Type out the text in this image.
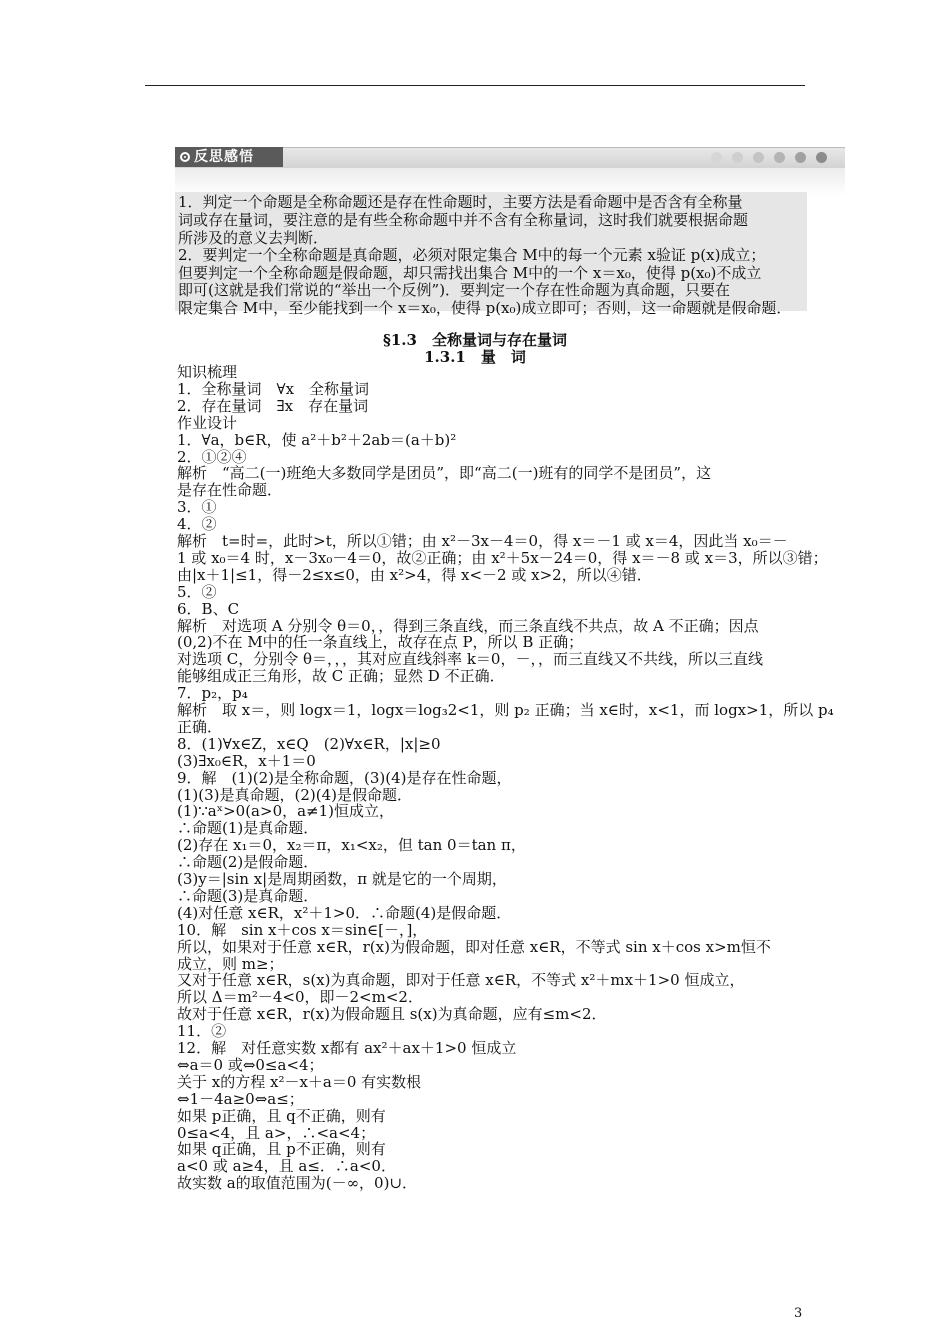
反思感悟
1．判定一个命题是全称命题还是存在性命题时，主要方法是看命题中是否含有全称量
词或存在量词，要注意的是有些全称命题中并不含有全称量词，这时我们就要根据命题
所涉及的意义去判断．
2．要判定一个全称命题是真命题，必须对限定集合 M中的每一个元素 x验证 p(x)成立；
但要判定一个全称命题是假命题，却只需找出集合 M中的一个 x＝x₀，使得 p(x₀)不成立
即可(这就是我们常说的“举出一个反例”)．要判定一个存在性命题为真命题，只要在
限定集合 M中，至少能找到一个 x＝x₀，使得 p(x₀)成立即可；否则，这一命题就是假命题．
§1.3　全称量词与存在量词
1.3.1　量　词
知识梳理
1．全称量词　∀x　全称量词
2．存在量词　∃x　存在量词
作业设计
1．∀a，b∈R，使 a²＋b²＋2ab＝(a＋b)²
2．①②④
解析　“高二(一)班绝大多数同学是团员”，即“高二(一)班有的同学不是团员”，这
是存在性命题．
3．①
4．②
解析　t=时=，此时>t，所以①错；由 x²－3x－4＝0，得 x＝－1 或 x＝4，因此当 x₀＝－
1 或 x₀＝4 时，x－3x₀－4＝0，故②正确；由 x²＋5x－24＝0，得 x＝－8 或 x＝3，所以③错；
由|x＋1|≤1，得－2≤x≤0，由 x²>4，得 x<－2 或 x>2，所以④错．
5．②
6．B、C
解析　对选项 A 分别令 θ＝0，，得到三条直线，而三条直线不共点，故 A 不正确；因点
(0,2)不在 M中的任一条直线上，故存在点 P，所以 B 正确；
对选项 C，分别令 θ＝，，，其对应直线斜率 k＝0，－，，而三直线又不共线，所以三直线
能够组成正三角形，故 C 正确；显然 D 不正确．
7．p₂，p₄
解析　取 x＝，则 logx＝1，logx＝log₃2<1，则 p₂ 正确；当 x∈时，x<1，而 logx>1，所以 p₄
正确．
8．(1)∀x∈Z，x∈Q　(2)∀x∈R，|x|≥0
(3)∃x₀∈R，x＋1＝0
9．解　(1)(2)是全称命题，(3)(4)是存在性命题，
(1)(3)是真命题，(2)(4)是假命题．
(1)∵aˣ>0(a>0，a≠1)恒成立，
∴命题(1)是真命题．
(2)存在 x₁＝0，x₂＝π，x₁<x₂，但 tan 0＝tan π，
∴命题(2)是假命题．
(3)y＝|sin x|是周期函数，π 就是它的一个周期，
∴命题(3)是真命题．
(4)对任意 x∈R，x²＋1>0．∴命题(4)是假命题．
10．解　sin x＋cos x＝sin∈[－，]，
所以，如果对于任意 x∈R，r(x)为假命题，即对任意 x∈R，不等式 sin x＋cos x>m恒不
成立，则 m≥；
又对于任意 x∈R，s(x)为真命题，即对于任意 x∈R，不等式 x²＋mx＋1>0 恒成立，
所以 Δ＝m²－4<0，即－2<m<2．
故对于任意 x∈R，r(x)为假命题且 s(x)为真命题，应有≤m<2．
11．②
12．解　对任意实数 x都有 ax²＋ax＋1>0 恒成立
⇔a＝0 或⇔0≤a<4；
关于 x的方程 x²－x＋a＝0 有实数根
⇔1－4a≥0⇔a≤；
如果 p正确，且 q不正确，则有
0≤a<4，且 a>，∴<a<4；
如果 q正确，且 p不正确，则有
a<0 或 a≥4，且 a≤．∴a<0．
故实数 a的取值范围为(－∞，0)∪．
3
